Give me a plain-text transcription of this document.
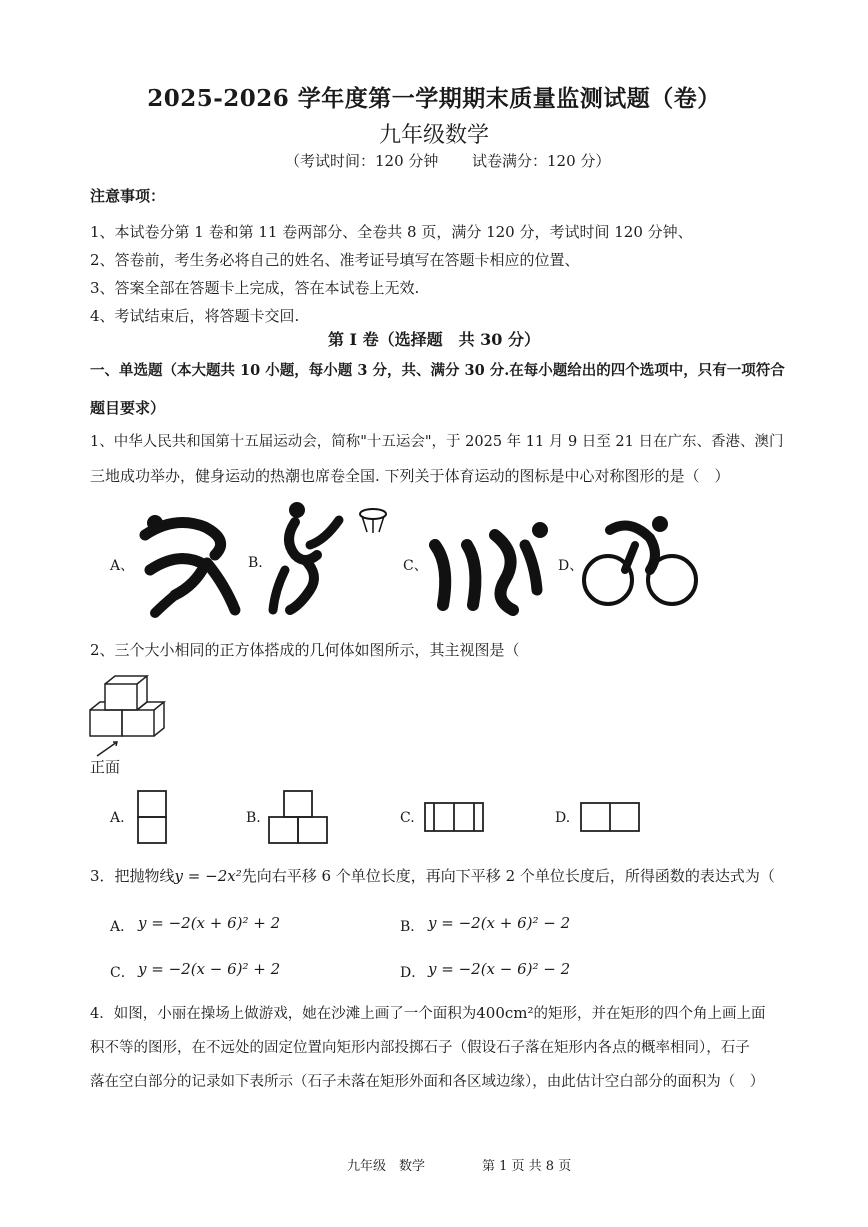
2025-2026 学年度第一学期期末质量监测试题（卷）
九年级数学
（考试时间：120 分钟 试卷满分：120 分）
注意事项：
1、本试卷分第 1 卷和第 11 卷两部分、全卷共 8 页，满分 120 分，考试时间 120 分钟、
2、答卷前，考生务必将自己的姓名、准考证号填写在答题卡相应的位置、
3、答案全部在答题卡上完成，答在本试卷上无效.
4、考试结束后，将答题卡交回.
第 I 卷（选择题　共 30 分）
一、单选题（本大题共 10 小题，每小题 3 分，共、满分 30 分.在每小题给出的四个选项中，只有一项符合
题目要求）
1、中华人民共和国第十五届运动会，简称"十五运会"，于 2025 年 11 月 9 日至 21 日在广东、香港、澳门
三地成功举办，健身运动的热潮也席卷全国. 下列关于体育运动的图标是中心对称图形的是（　）
A、	B.	C、	D、
2、三个大小相同的正方体搭成的几何体如图所示，其主视图是（
正面
A.	B.	C.	D.
3．把抛物线y = −2x²先向右平移 6 个单位长度，再向下平移 2 个单位长度后，所得函数的表达式为（
A． y = −2(x + 6)² + 2	B． y = −2(x + 6)² − 2
C． y = −2(x − 6)² + 2	D． y = −2(x − 6)² − 2
4．如图，小丽在操场上做游戏，她在沙滩上画了一个面积为400cm²的矩形，并在矩形的四个角上画上面
积不等的图形，在不远处的固定位置向矩形内部投掷石子（假设石子落在矩形内各点的概率相同），石子
落在空白部分的记录如下表所示（石子未落在矩形外面和各区域边缘），由此估计空白部分的面积为（　）
九年级　数学	第 1 页 共 8 页
